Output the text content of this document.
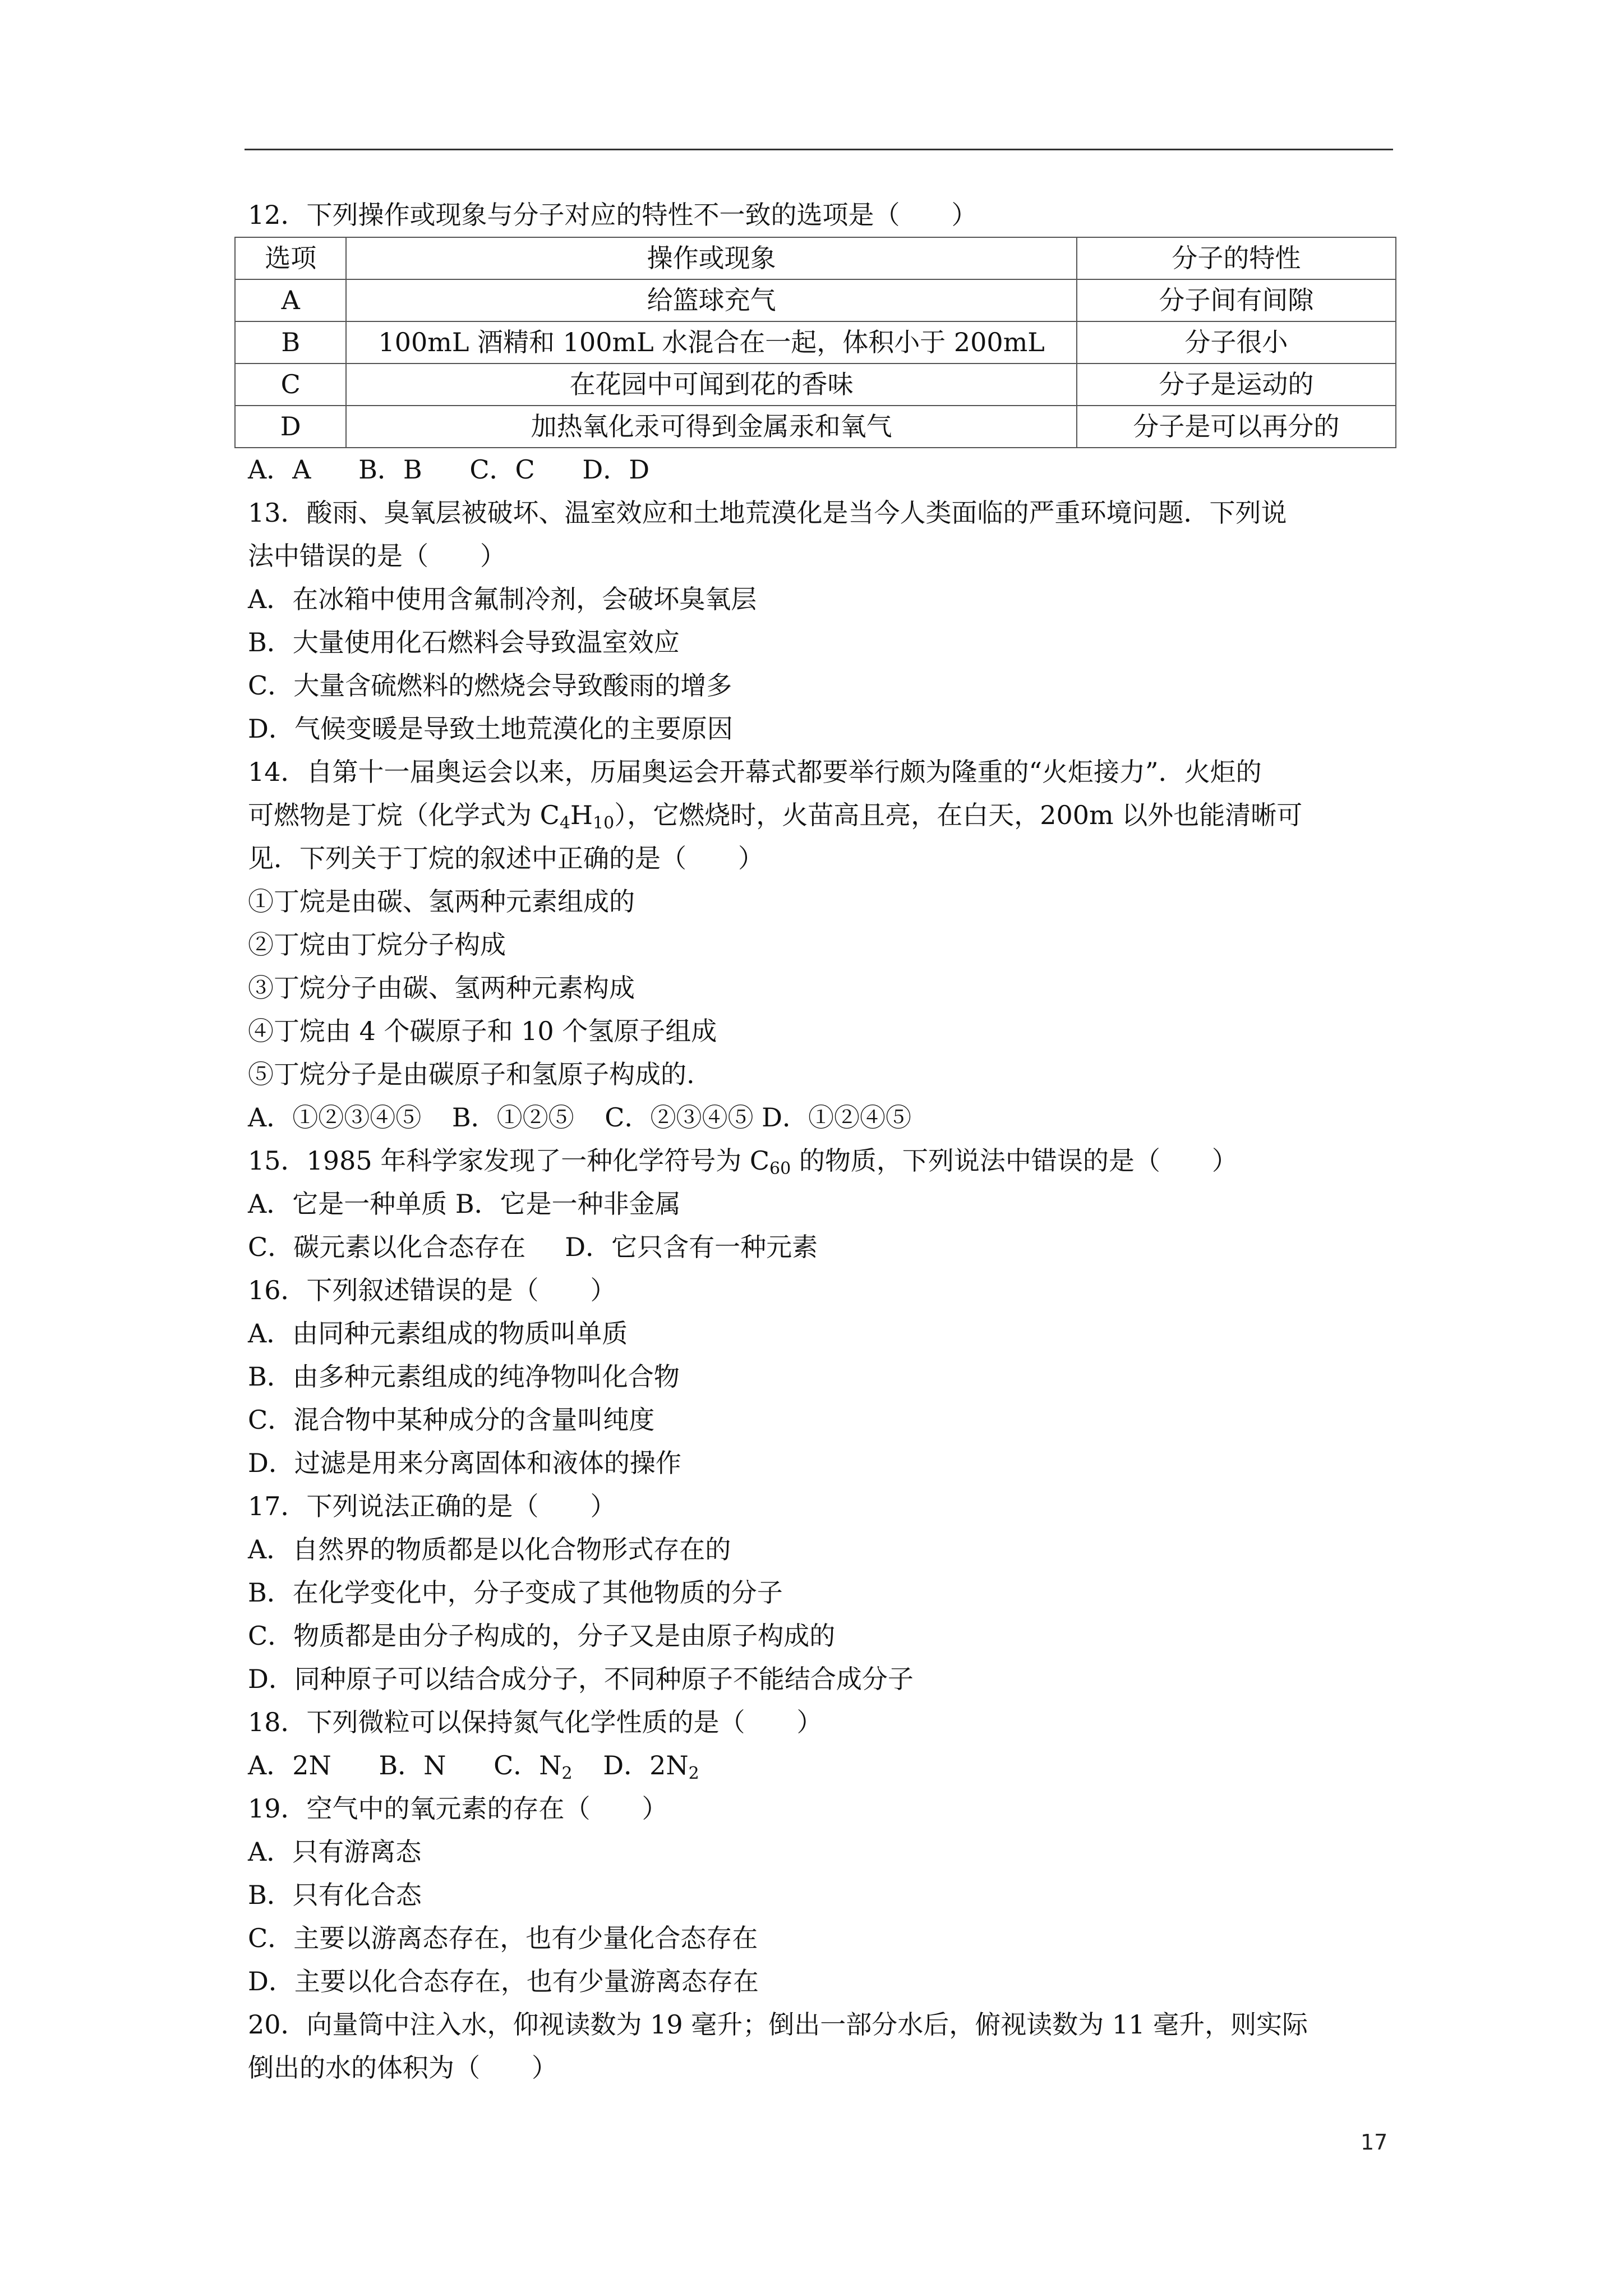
12．下列操作或现象与分子对应的特性不一致的选项是（　　）
选项	操作或现象	分子的特性
A	给篮球充气	分子间有间隙
B	100mL 酒精和 100mL 水混合在一起，体积小于 200mL	分子很小
C	在花园中可闻到花的香味	分子是运动的
D	加热氧化汞可得到金属汞和氧气	分子是可以再分的
A．A B．B C．C D．D
13．酸雨、臭氧层被破坏、温室效应和土地荒漠化是当今人类面临的严重环境问题．下列说
法中错误的是（　　）
A．在冰箱中使用含氟制冷剂，会破坏臭氧层
B．大量使用化石燃料会导致温室效应
C．大量含硫燃料的燃烧会导致酸雨的增多
D．气候变暖是导致土地荒漠化的主要原因
14．自第十一届奥运会以来，历届奥运会开幕式都要举行颇为隆重的“火炬接力”．火炬的
可燃物是丁烷（化学式为 $C_4H_{10}$），它燃烧时，火苗高且亮，在白天，200m 以外也能清晰可
见．下列关于丁烷的叙述中正确的是（　　）
①丁烷是由碳、氢两种元素组成的
②丁烷由丁烷分子构成
③丁烷分子由碳、氢两种元素构成
④丁烷由 4 个碳原子和 10 个氢原子组成
⑤丁烷分子是由碳原子和氢原子构成的.
A．①②③④⑤ B．①②⑤ C．②③④⑤ D．①②④⑤
15．1985 年科学家发现了一种化学符号为 $C_{60}$ 的物质，下列说法中错误的是（　　）
A．它是一种单质 B．它是一种非金属
C．碳元素以化合态存在 D．它只含有一种元素
16．下列叙述错误的是（　　）
A．由同种元素组成的物质叫单质
B．由多种元素组成的纯净物叫化合物
C．混合物中某种成分的含量叫纯度
D．过滤是用来分离固体和液体的操作
17．下列说法正确的是（　　）
A．自然界的物质都是以化合物形式存在的
B．在化学变化中，分子变成了其他物质的分子
C．物质都是由分子构成的，分子又是由原子构成的
D．同种原子可以结合成分子，不同种原子不能结合成分子
18．下列微粒可以保持氮气化学性质的是（　　）
A．2N B．N C．$N_2$ D．$2N_2$
19．空气中的氧元素的存在（　　）
A．只有游离态
B．只有化合态
C．主要以游离态存在，也有少量化合态存在
D．主要以化合态存在，也有少量游离态存在
20．向量筒中注入水，仰视读数为 19 毫升；倒出一部分水后，俯视读数为 11 毫升，则实际
倒出的水的体积为（　　）
17
